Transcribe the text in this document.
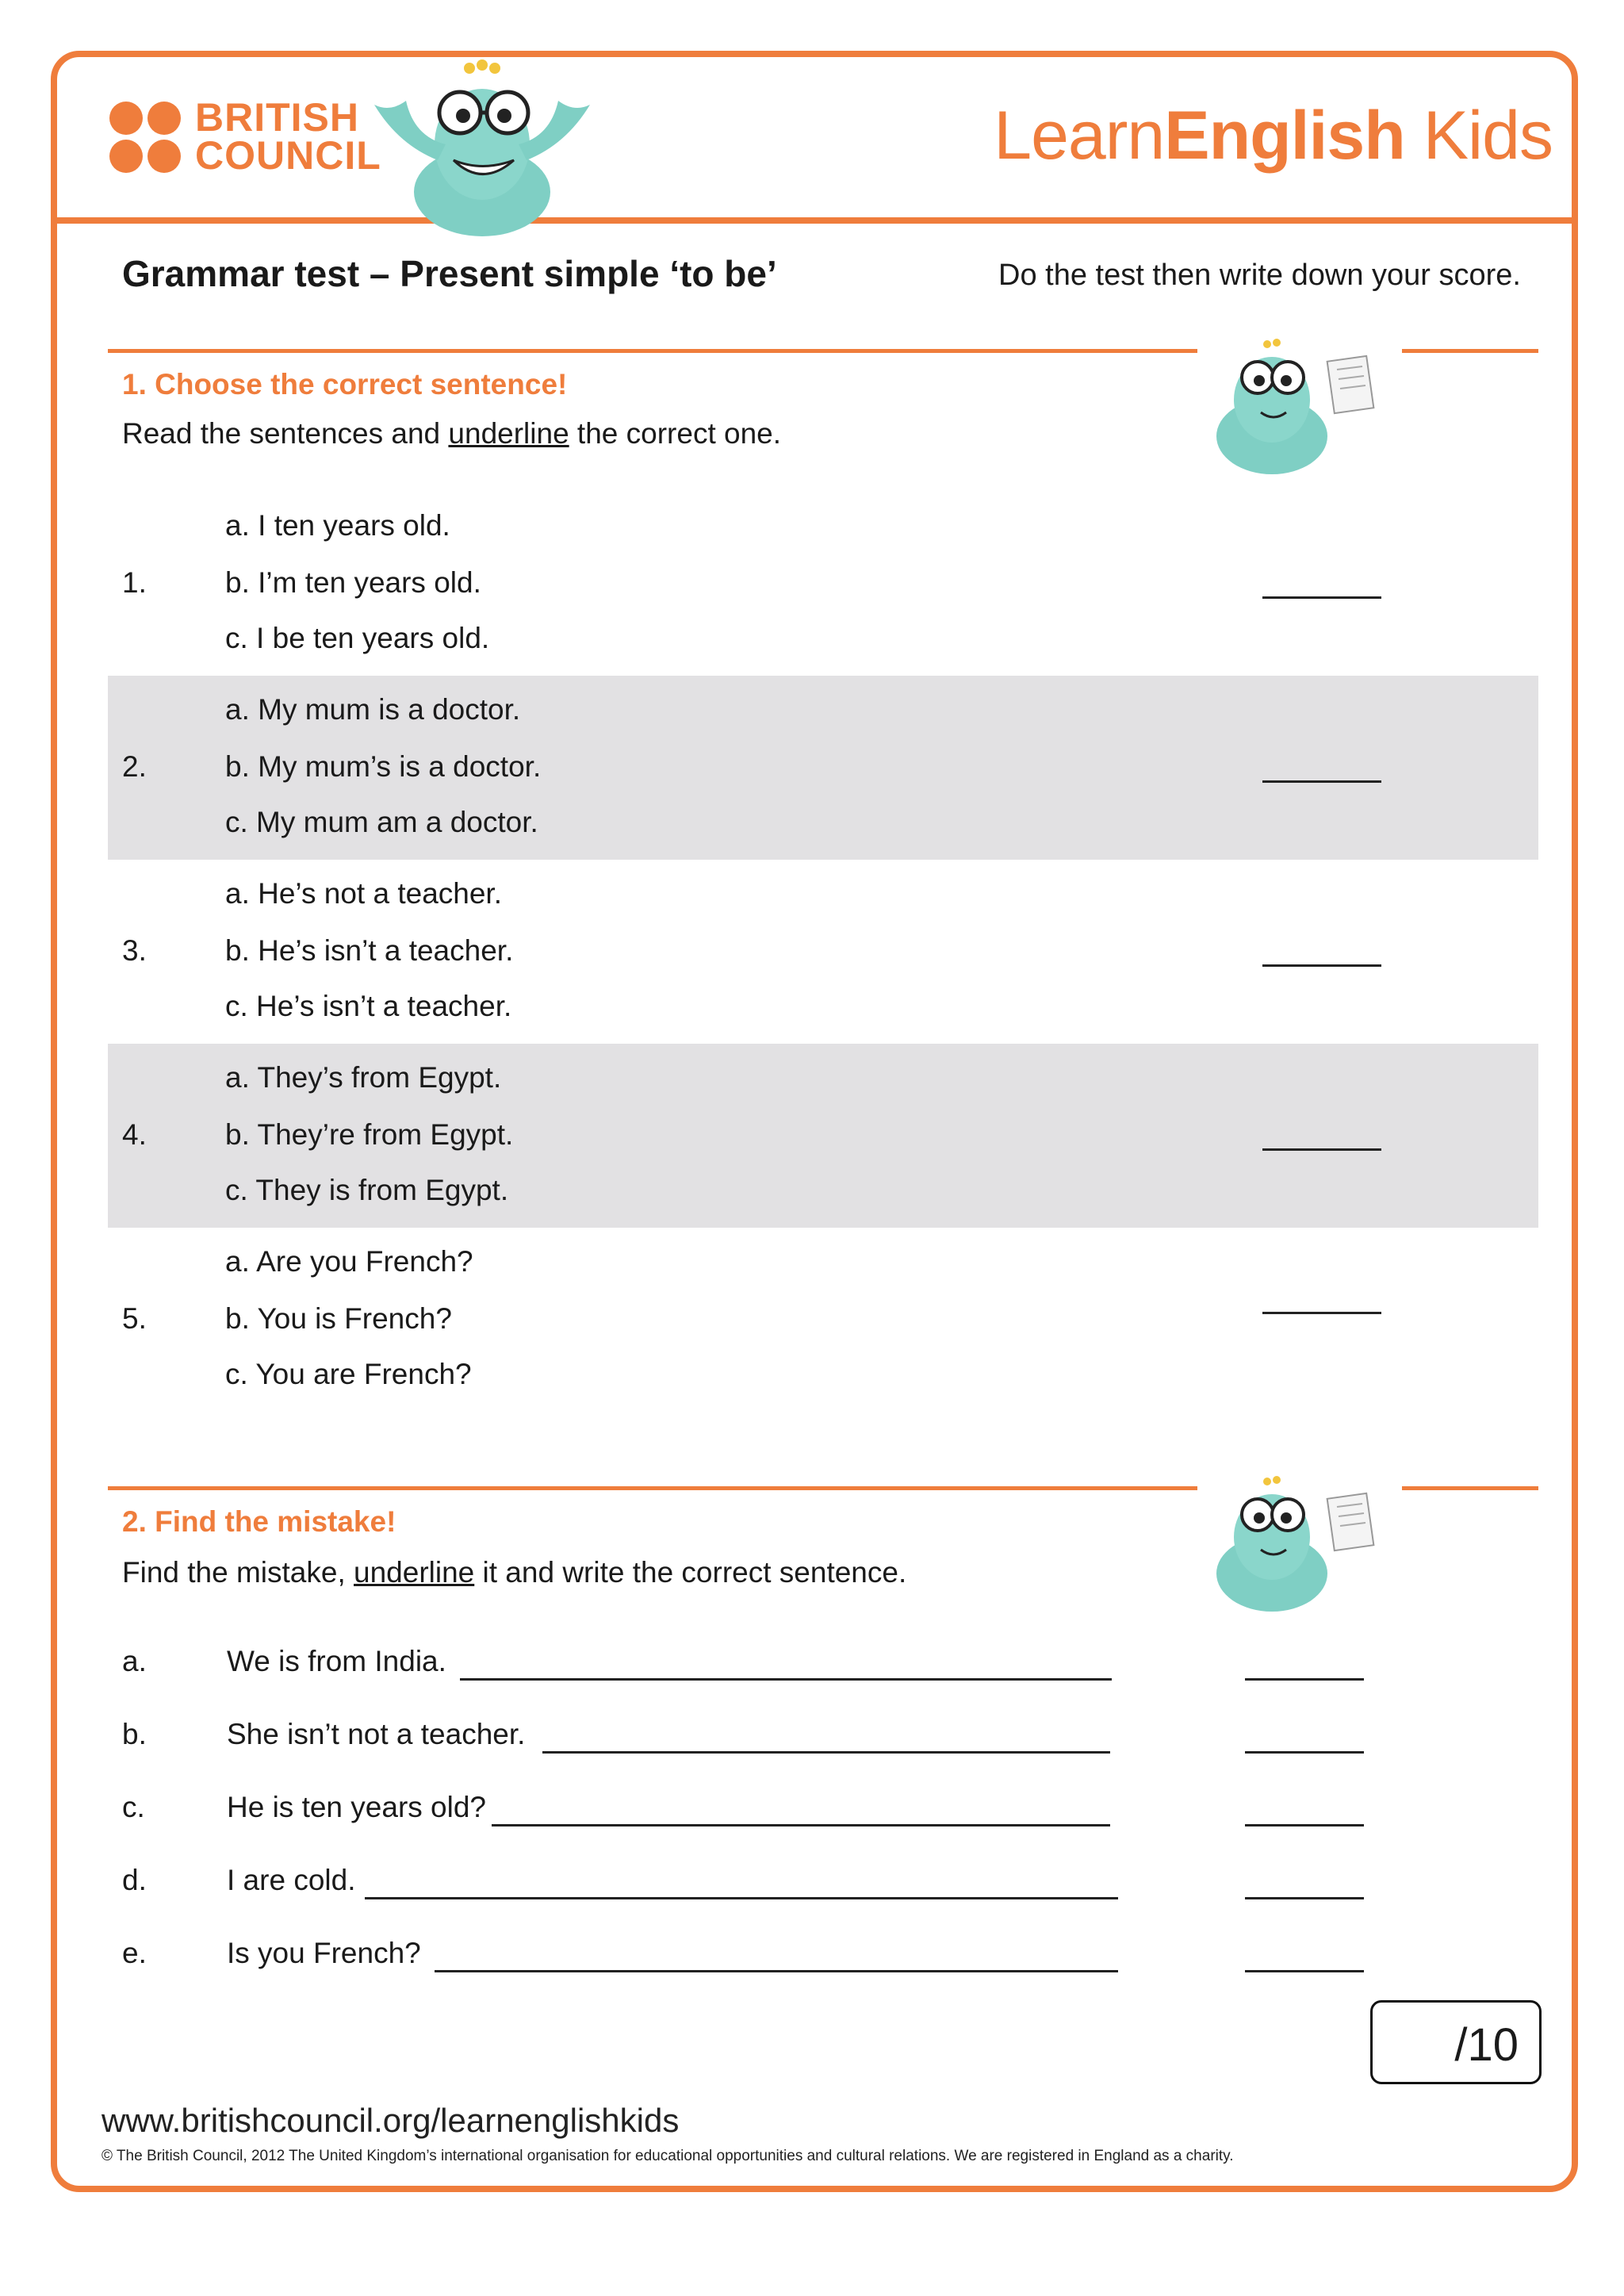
BRITISH
COUNCIL	LearnEnglish Kids
Grammar test – Present simple ‘to be’	Do the test then write down your score.
1. Choose the correct sentence!
Read the sentences and underline the correct one.
1.
a. I ten years old.
b. I’m ten years old.
c. I be ten years old.
2.
a. My mum is a doctor.
b. My mum’s is a doctor.
c. My mum am a doctor.
3.
a. He’s not a teacher.
b. He’s isn’t a teacher.
c. He’s isn’t a teacher.
4.
a. They’s from Egypt.
b. They’re from Egypt.
c. They is from Egypt.
5.
a. Are you French?
b. You is French?
c. You are French?
2. Find the mistake!
Find the mistake, underline it and write the correct sentence.
a.	We is from India.
b.	She isn’t not a teacher.
c.	He is ten years old?
d.	I are cold.
e.	Is you French?
/10
www.britishcouncil.org/learnenglishkids
© The British Council, 2012 The United Kingdom’s international organisation for educational opportunities and cultural relations. We are registered in England as a charity.
